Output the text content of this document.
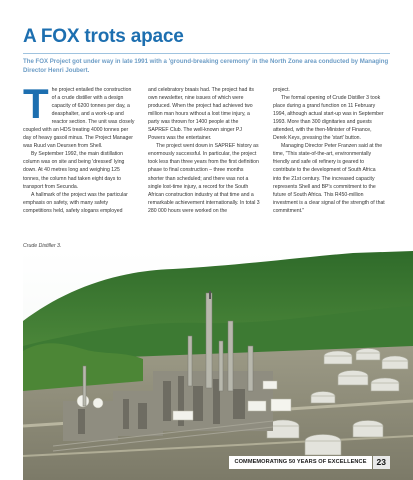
A FOX trots apace
The FOX Project got under way in late 1991 with a 'ground-breaking ceremony' in the North Zone area conducted by Managing Director Henri Joubert.

The project entailed the construction of a crude distiller with a design capacity of 6200 tonnes per day, a deasphalter, and a work-up and reactor section. The unit was closely coupled with an HDS treating 4000 tonnes per day of heavy gasoil minus. The Project Manager was Ruud van Deursen from Shell.

By September 1992, the main distillation column was on site and being 'dressed' lying down. At 40 metres long and weighing 125 tonnes, the column had taken eight days to transport from Secunda.

A hallmark of the project was the particular emphasis on safety, with many safety competitions held, safety slogans employed

and celebratory braais had. The project had its own newsletter, nine issues of which were produced. When the project had achieved two million man hours without a lost time injury, a party was thrown for 1400 people at the SAPREF Club. The well-known singer PJ Powers was the entertainer.

The project went down in SAPREF history as enormously successful. In particular, the project took less than three years from the first definition phase to final construction – three months shorter than scheduled; and there was not a single lost-time injury, a record for the South African construction industry at that time and a remarkable achievement internationally. In total 3 280 000 hours were worked on the

project.

The formal opening of Crude Distiller 3 took place during a grand function on 11 February 1994, although actual start-up was in September 1993. More than 300 dignitaries and guests attended, with the then-Minister of Finance, Derek Keys, pressing the 'start' button.

Managing Director Peter Franzen said at the time, "This state-of-the-art, environmentally friendly and safe oil refinery is geared to contribute to the development of South Africa into the 21st century. The increased capacity represents Shell and BP's commitment to the future of South Africa. This R450-million investment is a clear signal of the strength of that commitment."

Crude Distiller 3.
COMMEMORATING 50 YEARS OF EXCELLENCE	23
